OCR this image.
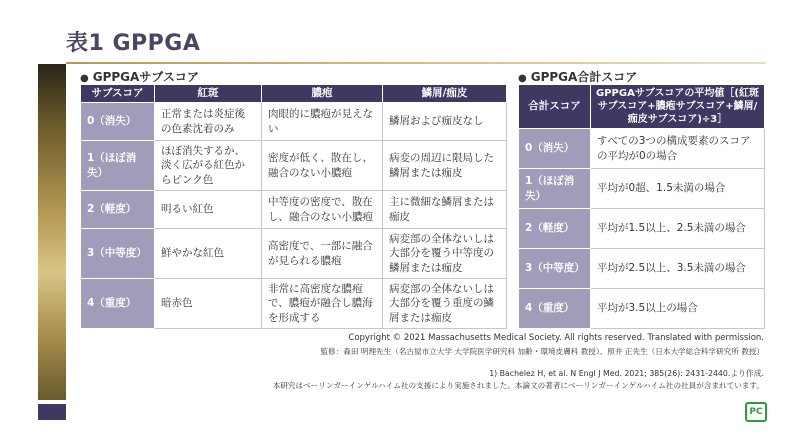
表1 GPPGA
● GPPGAサブスコア
サブスコア	紅斑	膿疱	鱗屑/痂皮
0（消失）	正常または炎症後の色素沈着のみ	肉眼的に膿疱が見えない	鱗屑および痂皮なし
1（ほぼ消失）	ほぼ消失するか、淡く広がる紅色からピンク色	密度が低く、散在し、融合のない小膿疱	病変の周辺に限局した鱗屑または痂皮
2（軽度）	明るい紅色	中等度の密度で、散在し、融合のない小膿疱	主に微細な鱗屑または痂皮
3（中等度）	鮮やかな紅色	高密度で、一部に融合が見られる膿疱	病変部の全体ないしは大部分を覆う中等度の鱗屑または痂皮
4（重度）	暗赤色	非常に高密度な膿疱で、膿疱が融合し膿海を形成する	病変部の全体ないしは大部分を覆う重度の鱗屑または痂皮
● GPPGA合計スコア
合計スコア	GPPGAサブスコアの平均値［(紅斑サブスコア+膿疱サブスコア+鱗屑/痂皮サブスコア)÷3］
0（消失）	すべての3つの構成要素のスコアの平均が0の場合
1（ほぼ消失）	平均が0超、1.5未満の場合
2（軽度）	平均が1.5以上、2.5未満の場合
3（中等度）	平均が2.5以上、3.5未満の場合
4（重度）	平均が3.5以上の場合
Copyright © 2021 Massachusetts Medical Society. All rights reserved. Translated with permission.
監修：森田 明理先生（名古屋市立大学 大学院医学研究科 加齢・環境皮膚科 教授）、照井 正先生（日本大学総合科学研究所 教授）
1) Bachelez H, et al. N Engl J Med. 2021; 385(26): 2431-2440.より作成.
本研究はベーリンガーインゲルハイム社の支援により実施されました。本論文の著者にベーリンガーインゲルハイム社の社員が含まれています。
PC
